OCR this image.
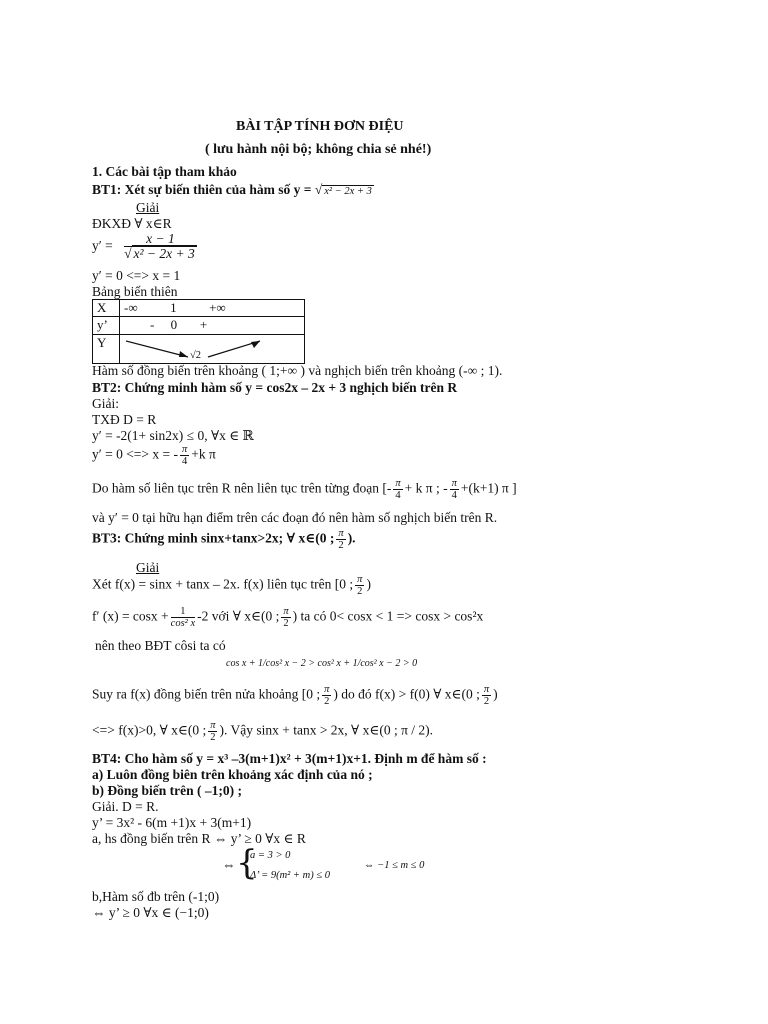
BÀI TẬP TÍNH ĐƠN ĐIỆU
( lưu hành nội bộ; không chia sẻ nhé!)
1. Các bài tập tham khảo
BT1: Xét sự biến thiên của hàm số y = √ x² − 2x + 3
Giải
ĐKXĐ ∀ x∈R
$y' = \frac{x - 1}{\text{√ x² − 2x + 3}}$
y′ = 0 <=> x = 1
Bảng biến thiên
X	-∞          1          +∞
y’	-     0       +
Y	√2
Hàm số đồng biến trên khoảng ( 1;+∞ ) và nghịch biến trên khoảng (-∞ ; 1).
BT2: Chứng minh hàm số y = cos2x – 2x + 3 nghịch biến trên R
Giải:
TXĐ D = R
y′ = -2(1+ sin2x) ≤ 0, ∀x ∈ ℝ
y′ = 0 <=> x = - $\frac{\pi}{4} +k$ π
Do hàm số liên tục trên R nên liên tục trên từng đoạn [- $\frac{\pi}{4} + k$ π ; - $\frac{\pi}{4} +(k+1)$ π ]
và y′ = 0 tại hữu hạn điểm trên các đoạn đó nên hàm số nghịch biến trên R.
BT3: Chứng minh sinx+tanx>2x; ∀ x∈(0 ; $\frac{\pi}{2}$ ).
Giải
Xét f(x) = sinx + tanx – 2x. f(x) liên tục trên [0 ; $\frac{\pi}{2}$ )
f′ $(x) = \cos x + \frac{1}{\text{cos² x}} -2$ với ∀ x∈(0 ; $\frac{\pi}{2}$ ) ta có 0< cosx < 1 => cosx > cos²x
nên theo BĐT côsi ta có
cos x + 1/cos² x − 2 > cos² x + 1/cos² x − 2 > 0
Suy ra f(x) đồng biến trên nửa khoảng [0 ; $\frac{\pi}{2}$ ) do đó f(x) > f(0) ∀ x∈(0 ; $\frac{\pi}{2}$ )
<=> f(x)>0, ∀ x∈(0 ; $\frac{\pi}{2}$ ). Vậy sinx + tanx > 2x, ∀ x∈(0 ; π / 2).
BT4: Cho hàm số y = x³ –3(m+1)x² + 3(m+1)x+1. Định m để hàm số :
a) Luôn đồng biên trên khoảng xác định của nó ;
b) Đồng biến trên ( –1;0) ;
Giải. D = R.
y’ = 3x² - 6(m +1)x + 3(m+1)
a, hs đồng biến trên R ⇔ y’ ≥ 0 ∀x ∈ R
⇔ {
a = 3 > 0
Δ’ = 9(m² + m) ≤ 0
⇔ −1 ≤ m ≤ 0
b,Hàm số đb trên (-1;0)
⇔ y’ ≥ 0 ∀x ∈ (−1;0)
